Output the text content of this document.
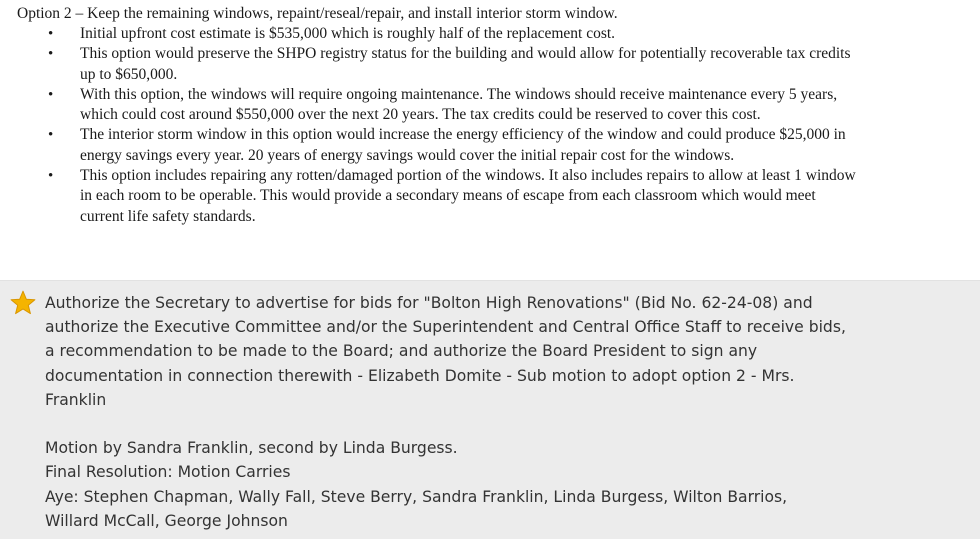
Option 2 – Keep the remaining windows, repaint/reseal/repair, and install interior storm window.
• Initial upfront cost estimate is $535,000 which is roughly half of the replacement cost.
• This option would preserve the SHPO registry status for the building and would allow for potentially recoverable tax credits
up to $650,000.
• With this option, the windows will require ongoing maintenance. The windows should receive maintenance every 5 years,
which could cost around $550,000 over the next 20 years. The tax credits could be reserved to cover this cost.
• The interior storm window in this option would increase the energy efficiency of the window and could produce $25,000 in
energy savings every year. 20 years of energy savings would cover the initial repair cost for the windows.
• This option includes repairing any rotten/damaged portion of the windows. It also includes repairs to allow at least 1 window
in each room to be operable. This would provide a secondary means of escape from each classroom which would meet
current life safety standards.
Authorize the Secretary to advertise for bids for "Bolton High Renovations" (Bid No. 62-24-08) and
authorize the Executive Committee and/or the Superintendent and Central Office Staff to receive bids,
a recommendation to be made to the Board; and authorize the Board President to sign any
documentation in connection therewith - Elizabeth Domite - Sub motion to adopt option 2 - Mrs.
Franklin
Motion by Sandra Franklin, second by Linda Burgess.
Final Resolution: Motion Carries
Aye: Stephen Chapman, Wally Fall, Steve Berry, Sandra Franklin, Linda Burgess, Wilton Barrios,
Willard McCall, George Johnson
